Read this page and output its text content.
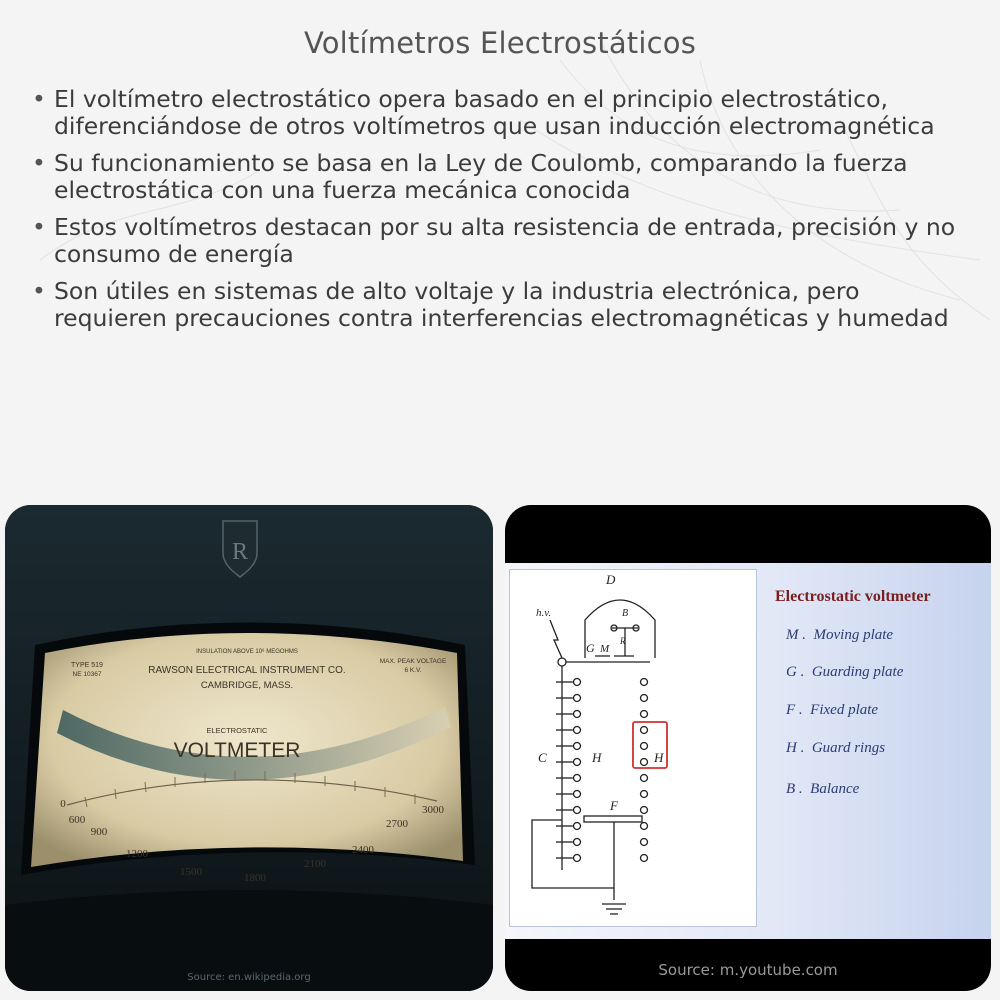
Voltímetros Electrostáticos
• El voltímetro electrostático opera basado en el principio electrostático, diferenciándose de otros voltímetros que usan inducción electromagnética
• Su funcionamiento se basa en la Ley de Coulomb, comparando la fuerza electrostática con una fuerza mecánica conocida
• Estos voltímetros destacan por su alta resistencia de entrada, precisión y no consumo de energía
• Son útiles en sistemas de alto voltaje y la industria electrónica, pero requieren precauciones contra interferencias electromagnéticas y humedad
R
TYPE 519
NE 10367
INSULATION ABOVE 10⁶ MEGOHMS
RAWSON ELECTRICAL INSTRUMENT CO.
CAMBRIDGE, MASS.
MAX. PEAK VOLTAGE
6 K.V.
ELECTROSTATIC
VOLTMETER
0
600
900
1200
1500	1800
2100
2400
2700
3000
Source: en.wikipedia.org
D
h.v.	B
G M
R
C	H	H
F
Electrostatic voltmeter
M .  Moving plate
G .  Guarding plate
F .  Fixed plate
H .  Guard rings
B .  Balance
Source: m.youtube.com
